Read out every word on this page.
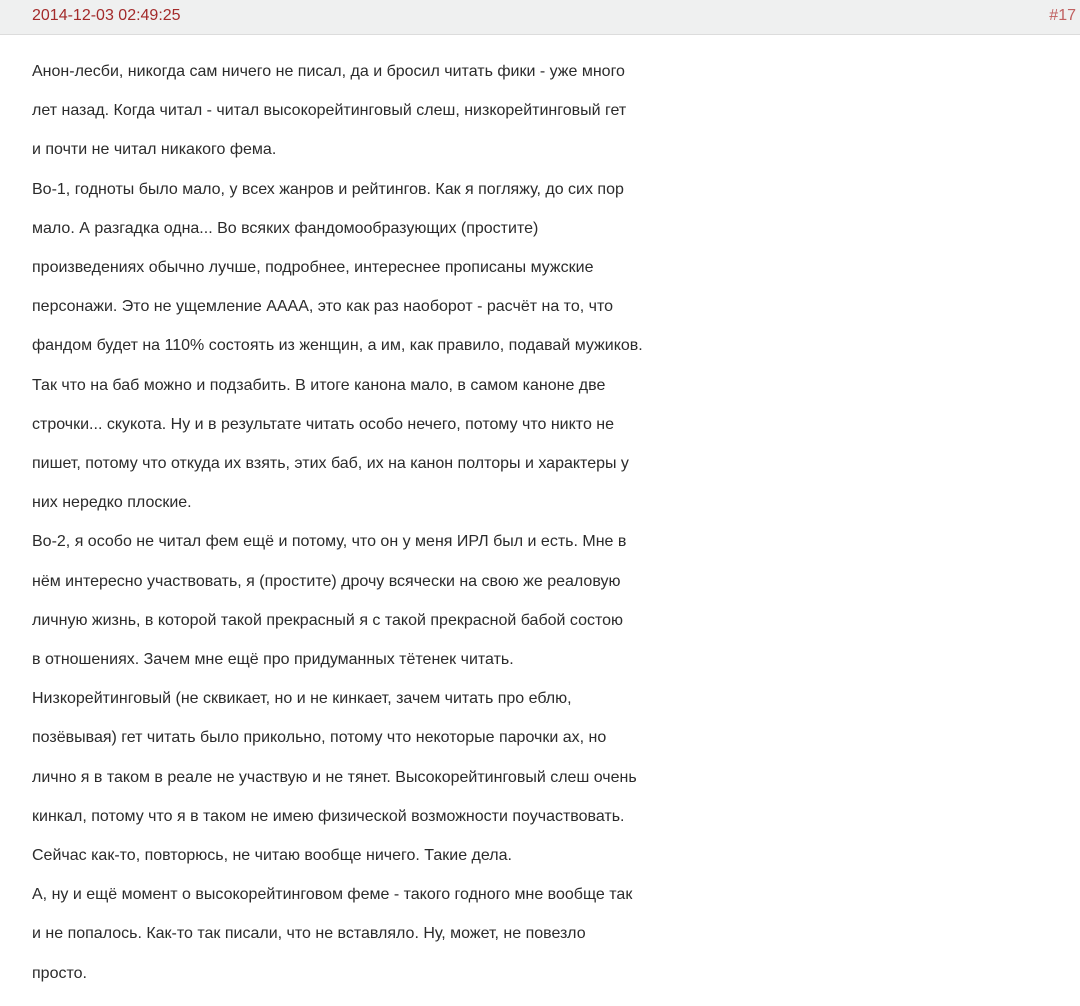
2014-12-03 02:49:25	#17
Анон-лесби, никогда сам ничего не писал, да и бросил читать фики - уже много
лет назад. Когда читал - читал высокорейтинговый слеш, низкорейтинговый гет
и почти не читал никакого фема.
Во-1, годноты было мало, у всех жанров и рейтингов. Как я погляжу, до сих пор
мало. А разгадка одна... Во всяких фандомообразующих (простите)
произведениях обычно лучше, подробнее, интереснее прописаны мужские
персонажи. Это не ущемление АААА, это как раз наоборот - расчёт на то, что
фандом будет на 110% состоять из женщин, а им, как правило, подавай мужиков.
Так что на баб можно и подзабить. В итоге канона мало, в самом каноне две
строчки... скукота. Ну и в результате читать особо нечего, потому что никто не
пишет, потому что откуда их взять, этих баб, их на канон полторы и характеры у
них нередко плоские.
Во-2, я особо не читал фем ещё и потому, что он у меня ИРЛ был и есть. Мне в
нём интересно участвовать, я (простите) дрочу всячески на свою же реаловую
личную жизнь, в которой такой прекрасный я с такой прекрасной бабой состою
в отношениях. Зачем мне ещё про придуманных тётенек читать.
Низкорейтинговый (не сквикает, но и не кинкает, зачем читать про еблю,
позёвывая) гет читать было прикольно, потому что некоторые парочки ах, но
лично я в таком в реале не участвую и не тянет. Высокорейтинговый слеш очень
кинкал, потому что я в таком не имею физической возможности поучаствовать.
Сейчас как-то, повторюсь, не читаю вообще ничего. Такие дела.
А, ну и ещё момент о высокорейтинговом феме - такого годного мне вообще так
и не попалось. Как-то так писали, что не вставляло. Ну, может, не повезло
просто.
